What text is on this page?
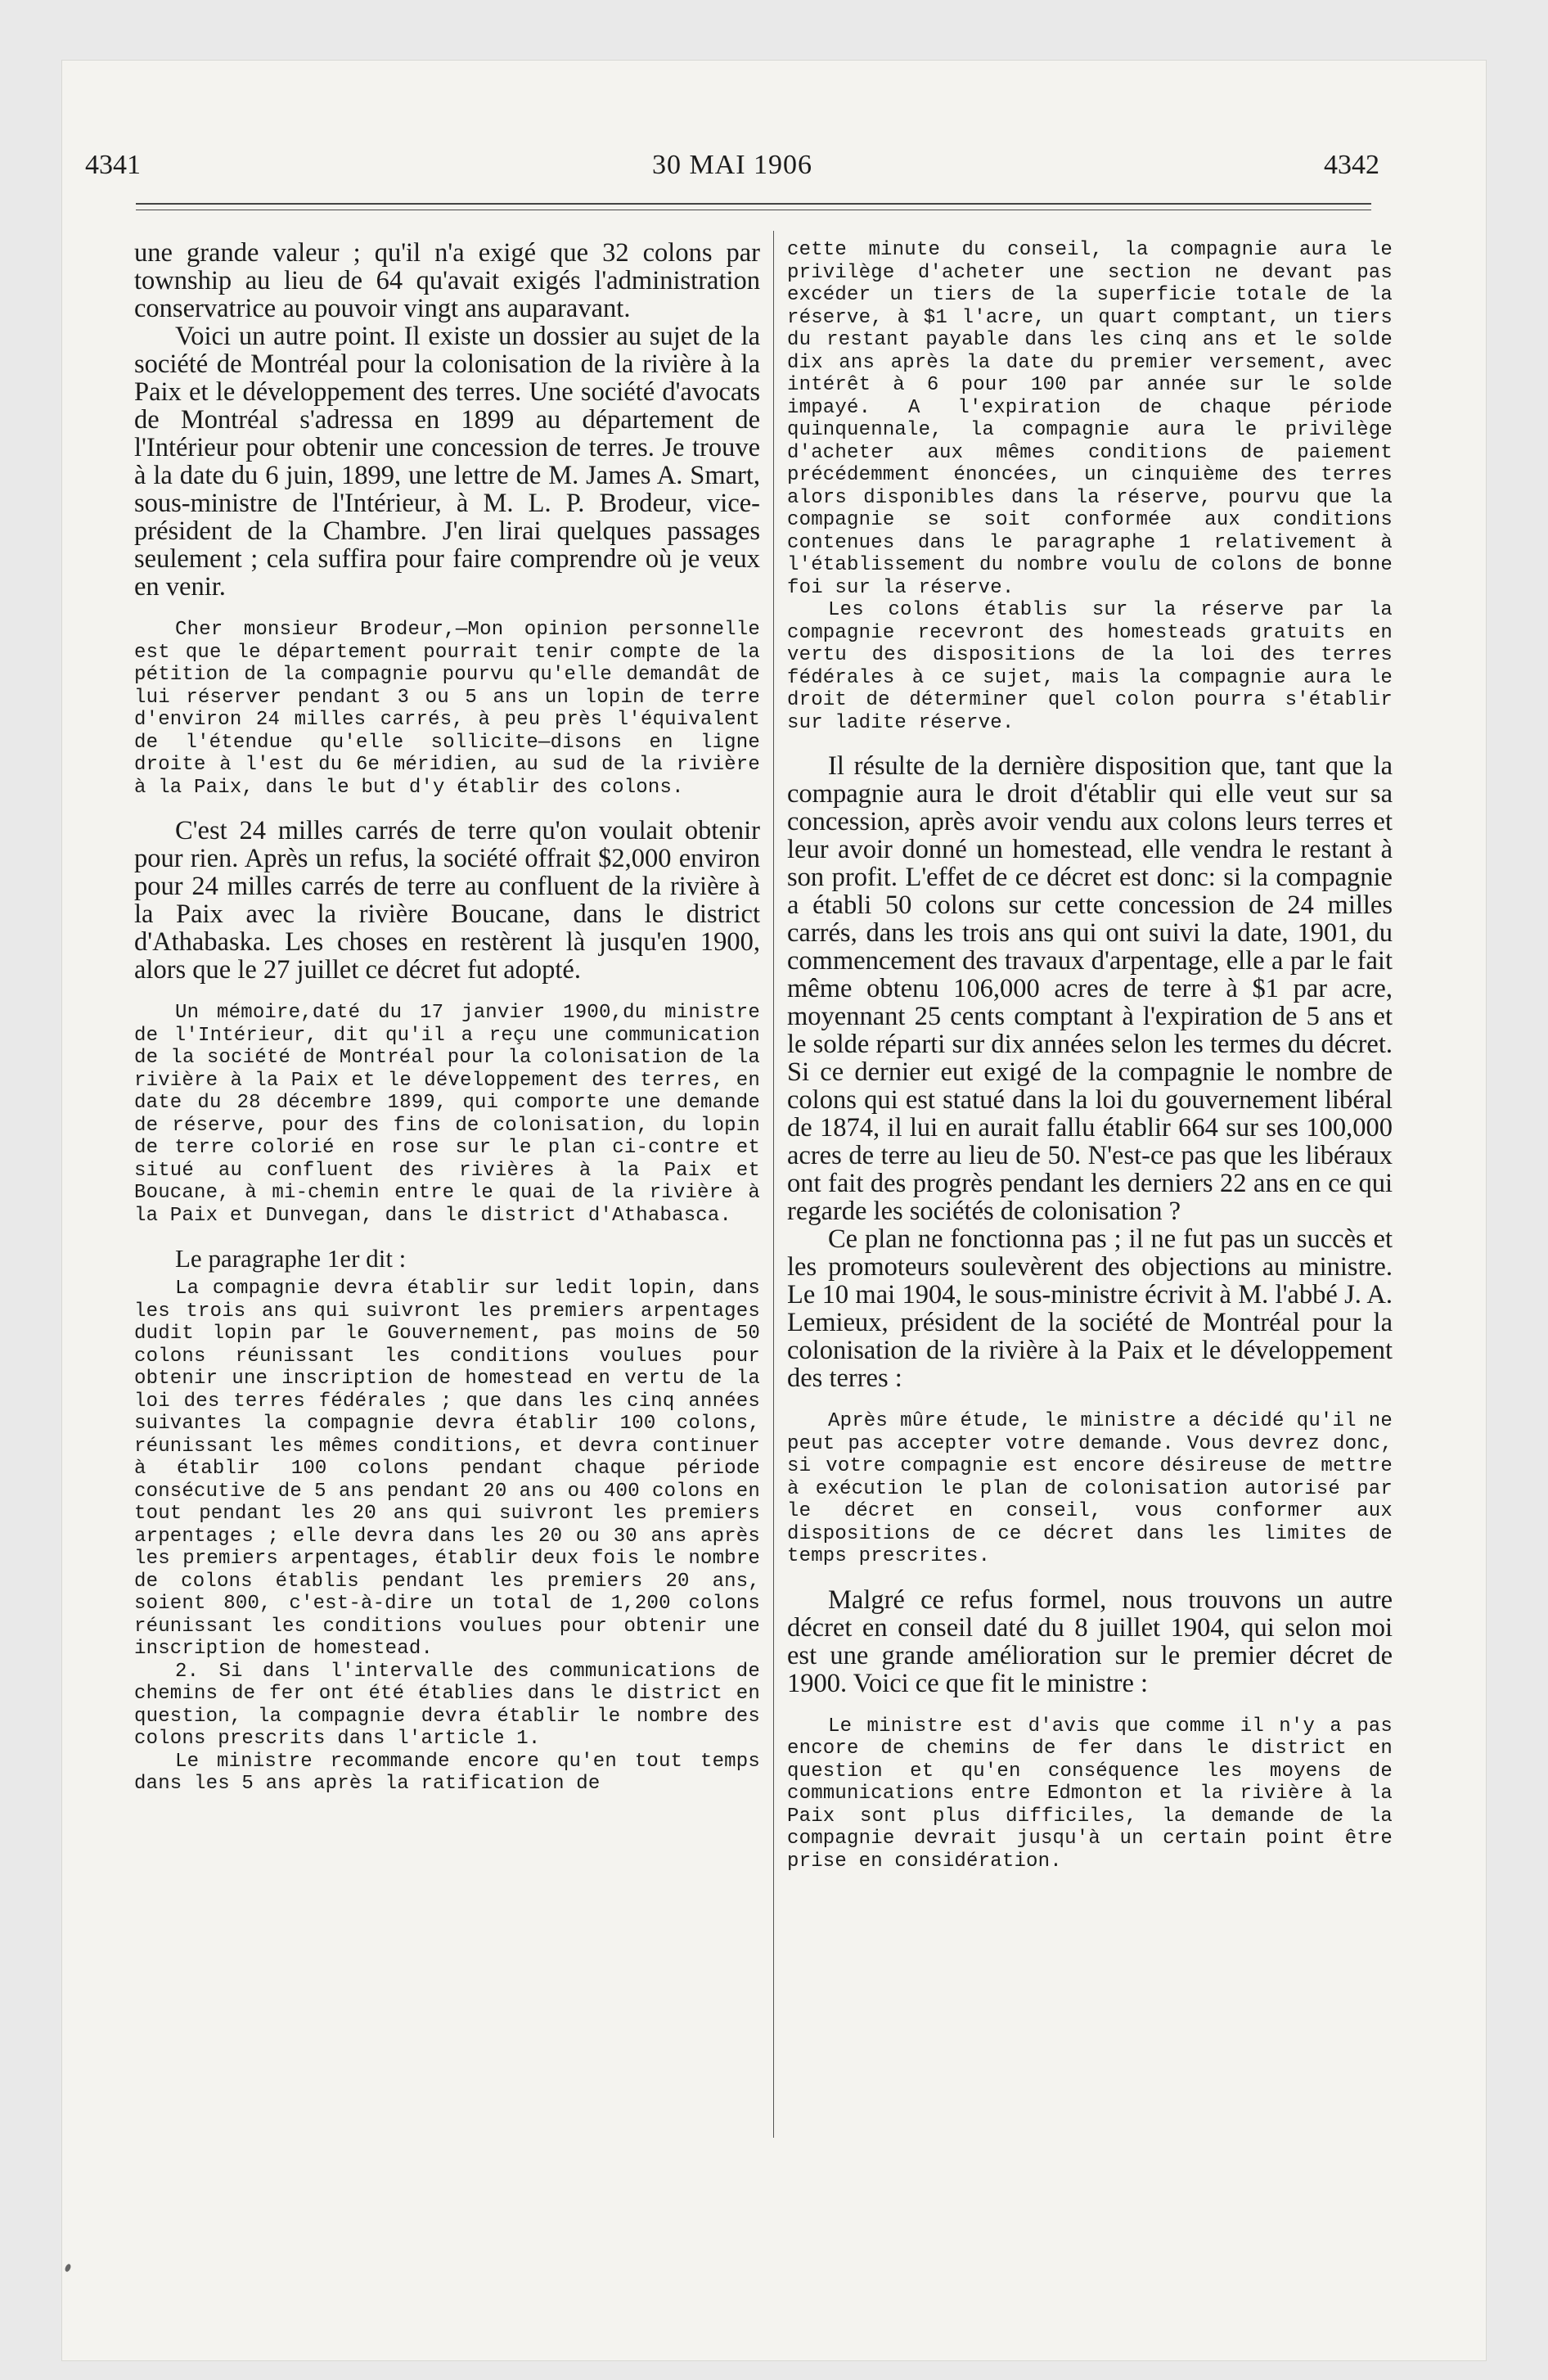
4341	30 MAI 1906	4342

une grande valeur ; qu'il n'a exigé que 32 colons par township au lieu de 64 qu'avait exigés l'administration conservatrice au pouvoir vingt ans auparavant.

Voici un autre point. Il existe un dossier au sujet de la société de Montréal pour la colonisation de la rivière à la Paix et le développement des terres. Une société d'avocats de Montréal s'adressa en 1899 au département de l'Intérieur pour obtenir une concession de terres. Je trouve à la date du 6 juin, 1899, une lettre de M. James A. Smart, sous-ministre de l'Intérieur, à M. L. P. Brodeur, vice-président de la Chambre. J'en lirai quelques passages seulement ; cela suffira pour faire comprendre où je veux en venir.

Cher monsieur Brodeur,—Mon opinion personnelle est que le département pourrait tenir compte de la pétition de la compagnie pourvu qu'elle demandât de lui réserver pendant 3 ou 5 ans un lopin de terre d'environ 24 milles carrés, à peu près l'équivalent de l'étendue qu'elle sollicite—disons en ligne droite à l'est du 6e méridien, au sud de la rivière à la Paix, dans le but d'y établir des colons.

C'est 24 milles carrés de terre qu'on voulait obtenir pour rien. Après un refus, la société offrait $2,000 environ pour 24 milles carrés de terre au confluent de la rivière à la Paix avec la rivière Boucane, dans le district d'Athabaska. Les choses en restèrent là jusqu'en 1900, alors que le 27 juillet ce décret fut adopté.

Un mémoire,daté du 17 janvier 1900,du ministre de l'Intérieur, dit qu'il a reçu une communication de la société de Montréal pour la colonisation de la rivière à la Paix et le développement des terres, en date du 28 décembre 1899, qui comporte une demande de réserve, pour des fins de colonisation, du lopin de terre colorié en rose sur le plan ci-contre et situé au confluent des rivières à la Paix et Boucane, à mi-chemin entre le quai de la rivière à la Paix et Dunvegan, dans le district d'Athabasca.

Le paragraphe 1er dit :

La compagnie devra établir sur ledit lopin, dans les trois ans qui suivront les premiers arpentages dudit lopin par le Gouvernement, pas moins de 50 colons réunissant les conditions voulues pour obtenir une inscription de homestead en vertu de la loi des terres fédérales ; que dans les cinq années suivantes la compagnie devra établir 100 colons, réunissant les mêmes conditions, et devra continuer à établir 100 colons pendant chaque période consécutive de 5 ans pendant 20 ans ou 400 colons en tout pendant les 20 ans qui suivront les premiers arpentages ; elle devra dans les 20 ou 30 ans après les premiers arpentages, établir deux fois le nombre de colons établis pendant les premiers 20 ans, soient 800, c'est-à-dire un total de 1,200 colons réunissant les conditions voulues pour obtenir une inscription de homestead.

2. Si dans l'intervalle des communications de chemins de fer ont été établies dans le district en question, la compagnie devra établir le nombre des colons prescrits dans l'article 1.

Le ministre recommande encore qu'en tout temps dans les 5 ans après la ratification de

cette minute du conseil, la compagnie aura le privilège d'acheter une section ne devant pas excéder un tiers de la superficie totale de la réserve, à $1 l'acre, un quart comptant, un tiers du restant payable dans les cinq ans et le solde dix ans après la date du premier versement, avec intérêt à 6 pour 100 par année sur le solde impayé. A l'expiration de chaque période quinquennale, la compagnie aura le privilège d'acheter aux mêmes conditions de paiement précédemment énoncées, un cinquième des terres alors disponibles dans la réserve, pourvu que la compagnie se soit conformée aux conditions contenues dans le paragraphe 1 relativement à l'établissement du nombre voulu de colons de bonne foi sur la réserve.

Les colons établis sur la réserve par la compagnie recevront des homesteads gratuits en vertu des dispositions de la loi des terres fédérales à ce sujet, mais la compagnie aura le droit de déterminer quel colon pourra s'établir sur ladite réserve.

Il résulte de la dernière disposition que, tant que la compagnie aura le droit d'établir qui elle veut sur sa concession, après avoir vendu aux colons leurs terres et leur avoir donné un homestead, elle vendra le restant à son profit. L'effet de ce décret est donc: si la compagnie a établi 50 colons sur cette concession de 24 milles carrés, dans les trois ans qui ont suivi la date, 1901, du commencement des travaux d'arpentage, elle a par le fait même obtenu 106,000 acres de terre à $1 par acre, moyennant 25 cents comptant à l'expiration de 5 ans et le solde réparti sur dix années selon les termes du décret. Si ce dernier eut exigé de la compagnie le nombre de colons qui est statué dans la loi du gouvernement libéral de 1874, il lui en aurait fallu établir 664 sur ses 100,000 acres de terre au lieu de 50. N'est-ce pas que les libéraux ont fait des progrès pendant les derniers 22 ans en ce qui regarde les sociétés de colonisation ?

Ce plan ne fonctionna pas ; il ne fut pas un succès et les promoteurs soulevèrent des objections au ministre. Le 10 mai 1904, le sous-ministre écrivit à M. l'abbé J. A. Lemieux, président de la société de Montréal pour la colonisation de la rivière à la Paix et le développement des terres :

Après mûre étude, le ministre a décidé qu'il ne peut pas accepter votre demande. Vous devrez donc, si votre compagnie est encore désireuse de mettre à exécution le plan de colonisation autorisé par le décret en conseil, vous conformer aux dispositions de ce décret dans les limites de temps prescrites.

Malgré ce refus formel, nous trouvons un autre décret en conseil daté du 8 juillet 1904, qui selon moi est une grande amélioration sur le premier décret de 1900. Voici ce que fit le ministre :

Le ministre est d'avis que comme il n'y a pas encore de chemins de fer dans le district en question et qu'en conséquence les moyens de communications entre Edmonton et la rivière à la Paix sont plus difficiles, la demande de la compagnie devrait jusqu'à un certain point être prise en considération.
